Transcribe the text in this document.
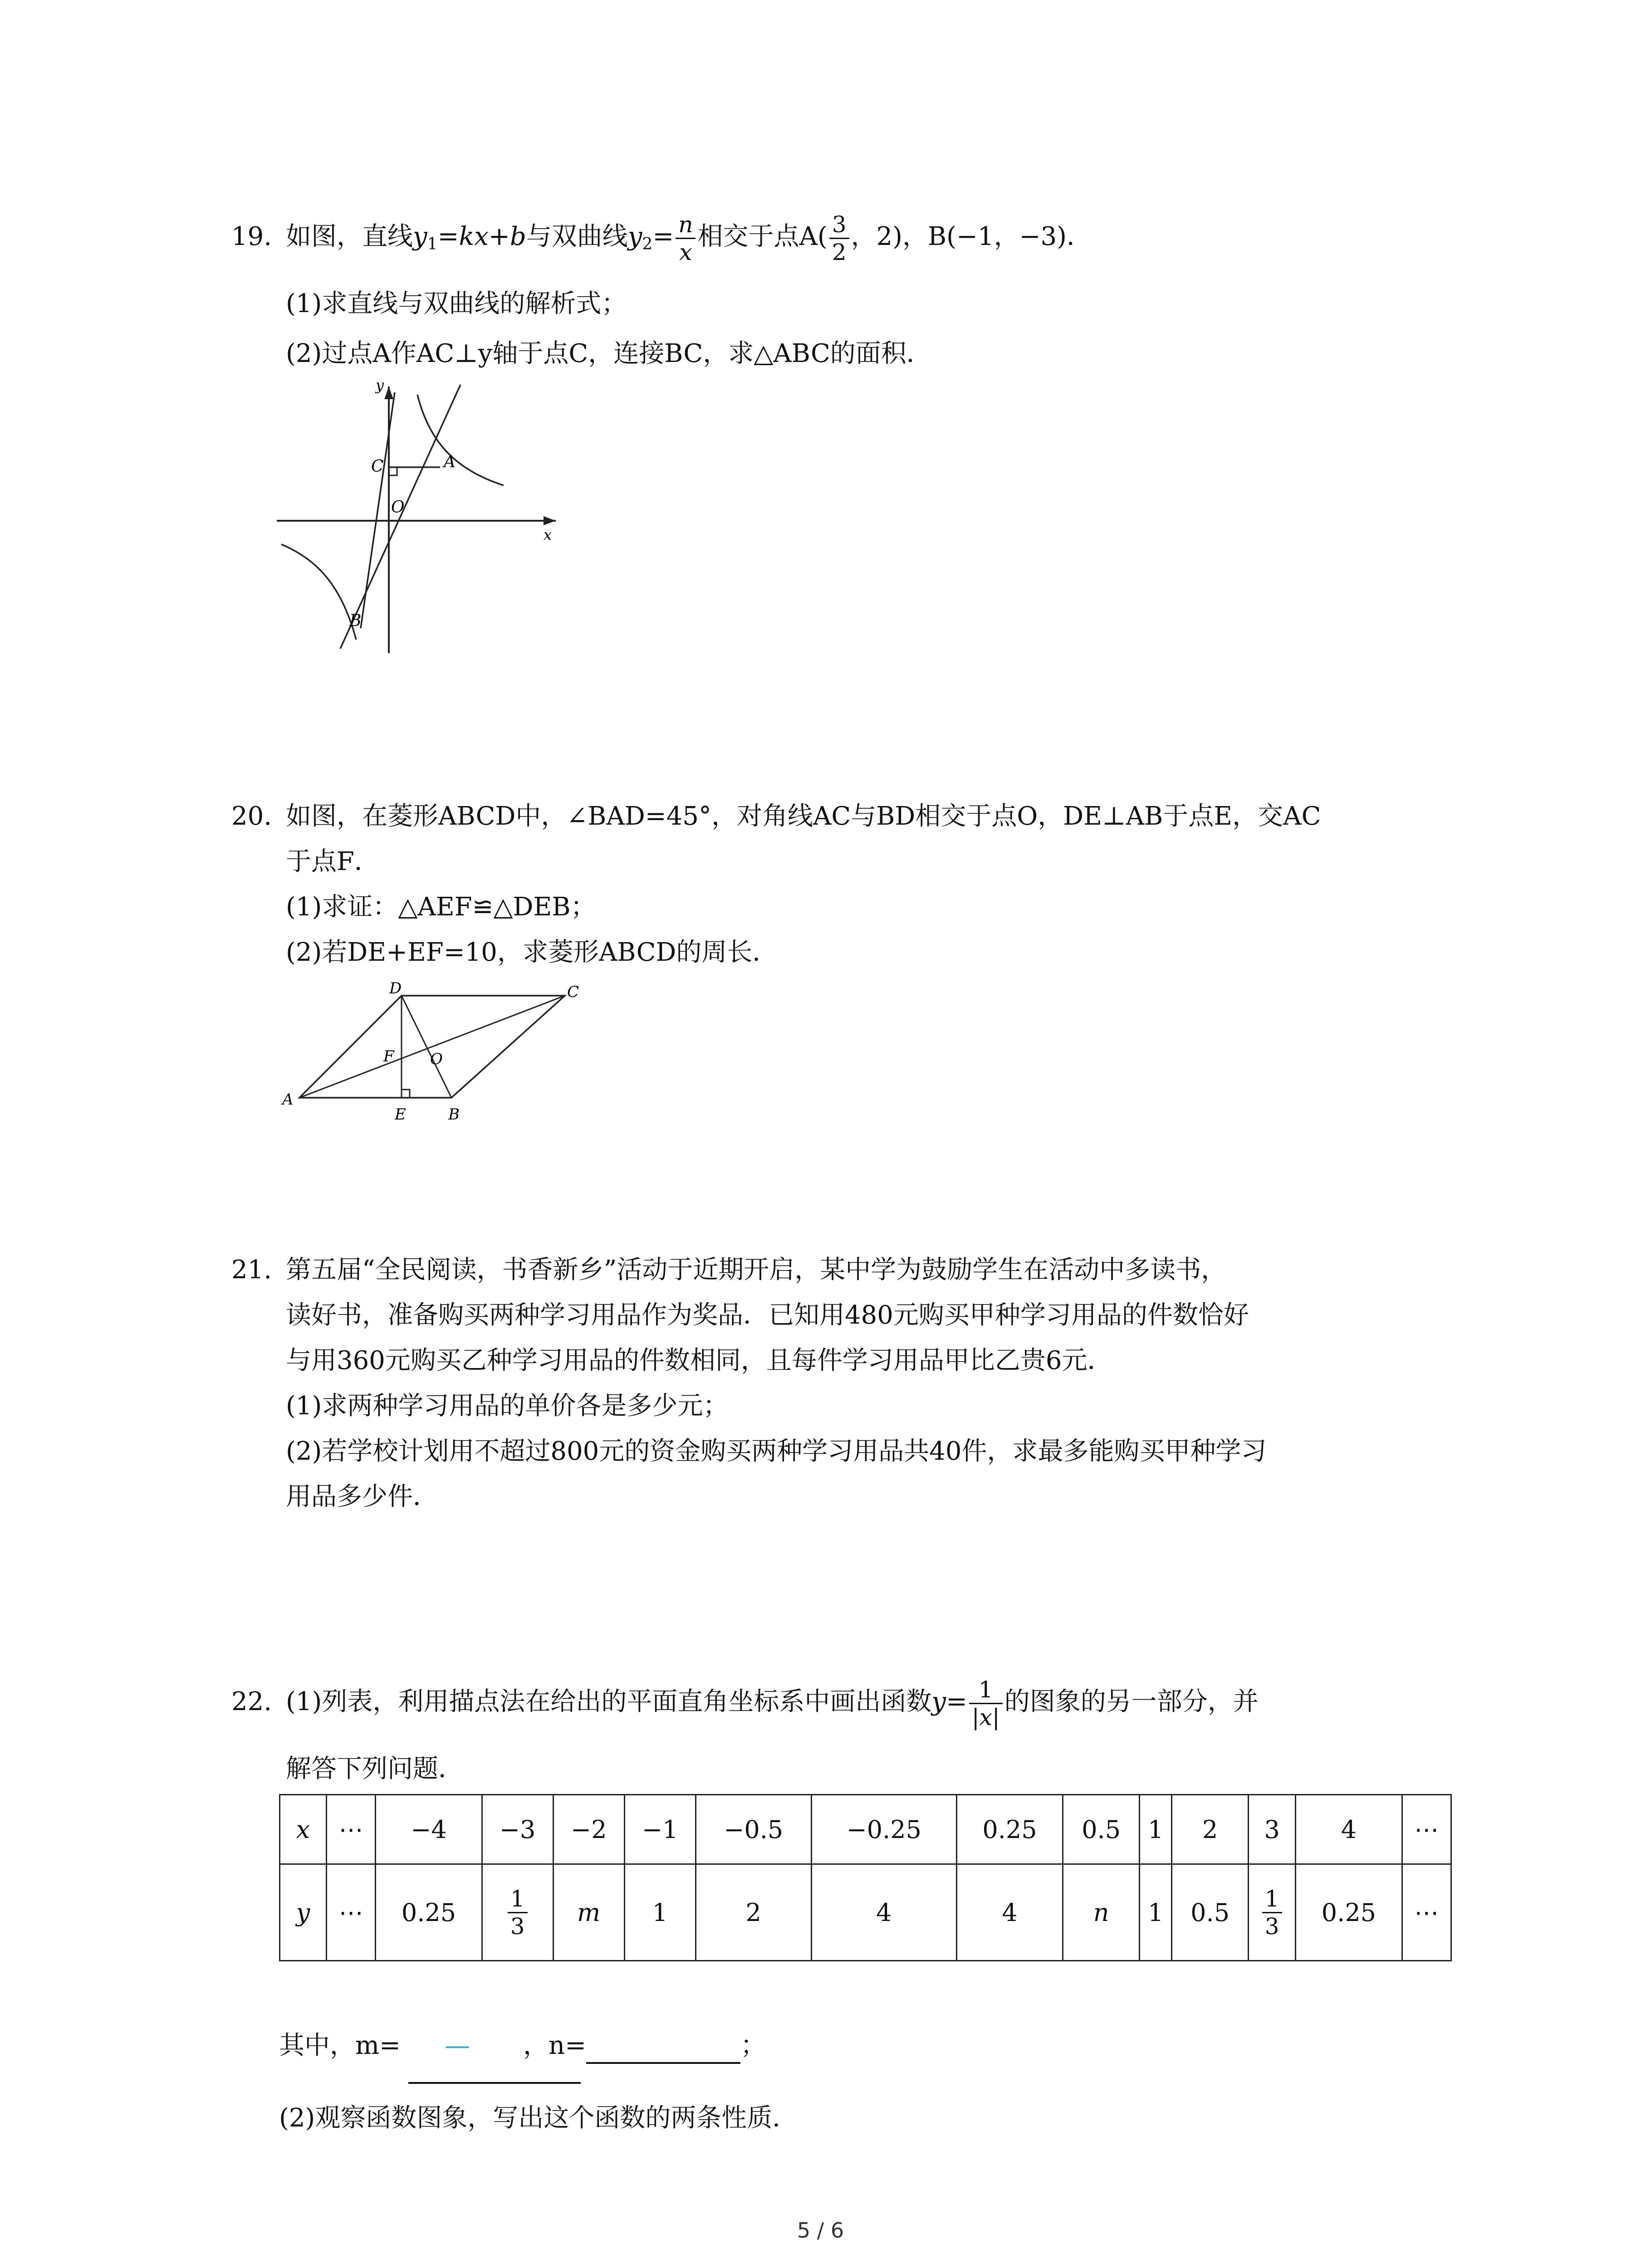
19. 如图，直线$y_1=kx+b$与双曲线$y_2= \frac{n}{x}$ 相交于点$A( \frac{3}{2}$ ，2)，B(−1，−3)．
(1)求直线与双曲线的解析式；
(2)过点A作AC⊥y轴于点C，连接BC，求△ABC的面积．
y
x
C	A
O
B
20. 如图，在菱形ABCD中，∠BAD=45°，对角线AC与BD相交于点O，DE⊥AB于点E，交AC
于点F．
(1)求证：△AEF≌△DEB；
(2)若DE+EF=10，求菱形ABCD的周长．
D	C
F O
A
E	B
21. 第五届“全民阅读，书香新乡”活动于近期开启，某中学为鼓励学生在活动中多读书，
读好书，准备购买两种学习用品作为奖品．已知用480元购买甲种学习用品的件数恰好
与用360元购买乙种学习用品的件数相同，且每件学习用品甲比乙贵6元．
(1)求两种学习用品的单价各是多少元；
(2)若学校计划用不超过800元的资金购买两种学习用品共40件，求最多能购买甲种学习
用品多少件．
22. (1)列表，利用描点法在给出的平面直角坐标系中画出函数$y= \frac{1}{|x|}$ 的图象的另一部分，并
解答下列问题．
x	⋯	−4	−3	−2	−1	−0.5	−0.25	0.25	0.5	1	2	3	4	⋯
y	⋯	0.25	$\frac{1}{3}$	m	1	2	4	4	n	1	0.5	$\frac{1}{3}$	0.25	⋯
其中，m= — ，n=	；
(2)观察函数图象，写出这个函数的两条性质．
5 / 6
